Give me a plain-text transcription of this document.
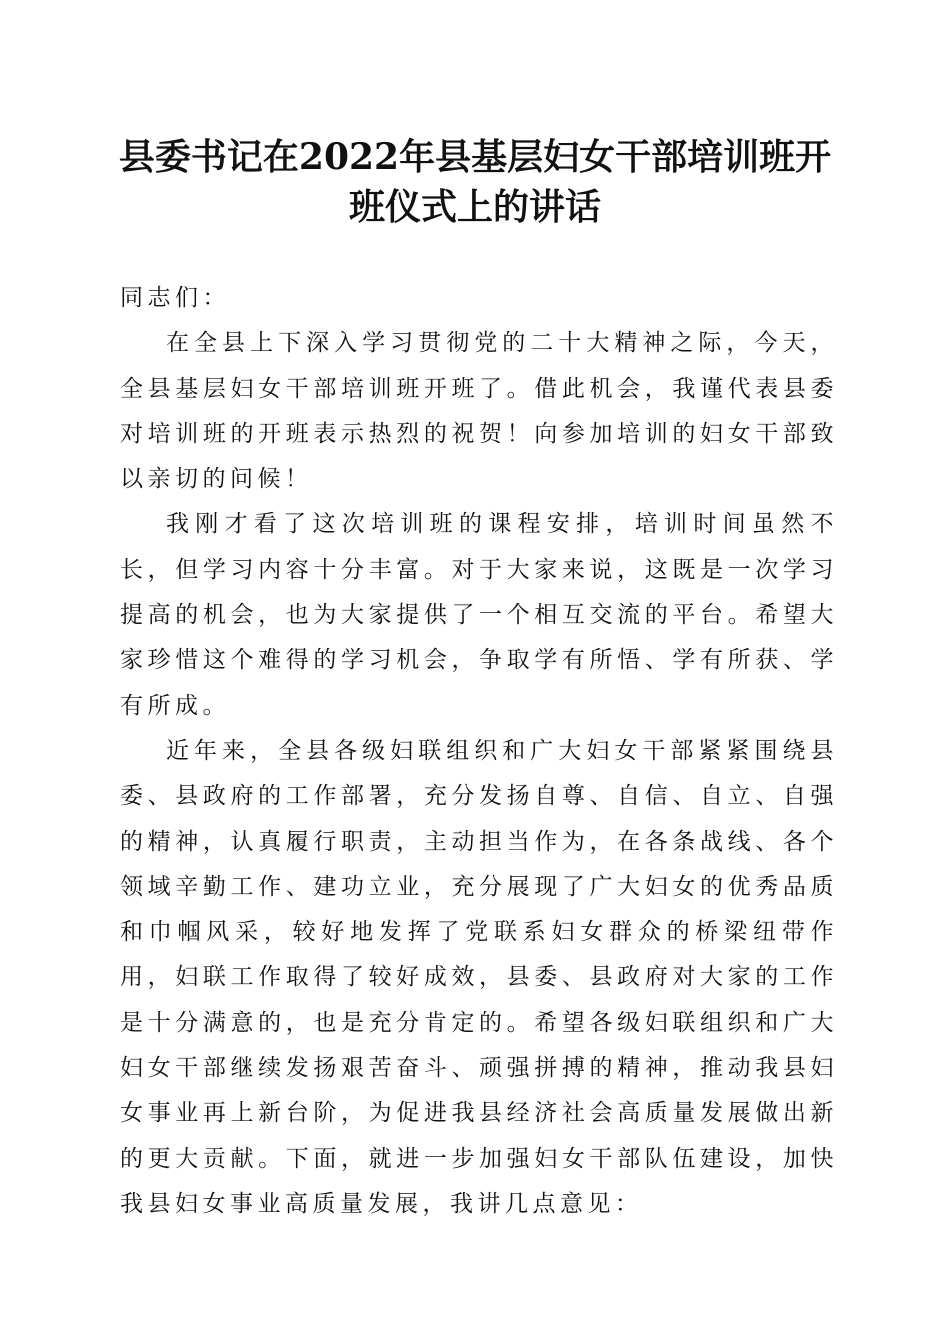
县委书记在2022年县基层妇女干部培训班开
班仪式上的讲话

同志们：

在全县上下深入学习贯彻党的二十大精神之际，今天，全县基层妇女干部培训班开班了。借此机会，我谨代表县委对培训班的开班表示热烈的祝贺！向参加培训的妇女干部致以亲切的问候！

我刚才看了这次培训班的课程安排，培训时间虽然不长，但学习内容十分丰富。对于大家来说，这既是一次学习提高的机会，也为大家提供了一个相互交流的平台。希望大家珍惜这个难得的学习机会，争取学有所悟、学有所获、学有所成。

近年来，全县各级妇联组织和广大妇女干部紧紧围绕县委、县政府的工作部署，充分发扬自尊、自信、自立、自强的精神，认真履行职责，主动担当作为，在各条战线、各个领域辛勤工作、建功立业，充分展现了广大妇女的优秀品质和巾帼风采，较好地发挥了党联系妇女群众的桥梁纽带作用，妇联工作取得了较好成效，县委、县政府对大家的工作是十分满意的，也是充分肯定的。希望各级妇联组织和广大妇女干部继续发扬艰苦奋斗、顽强拼搏的精神，推动我县妇女事业再上新台阶，为促进我县经济社会高质量发展做出新的更大贡献。下面，就进一步加强妇女干部队伍建设，加快我县妇女事业高质量发展，我讲几点意见：
